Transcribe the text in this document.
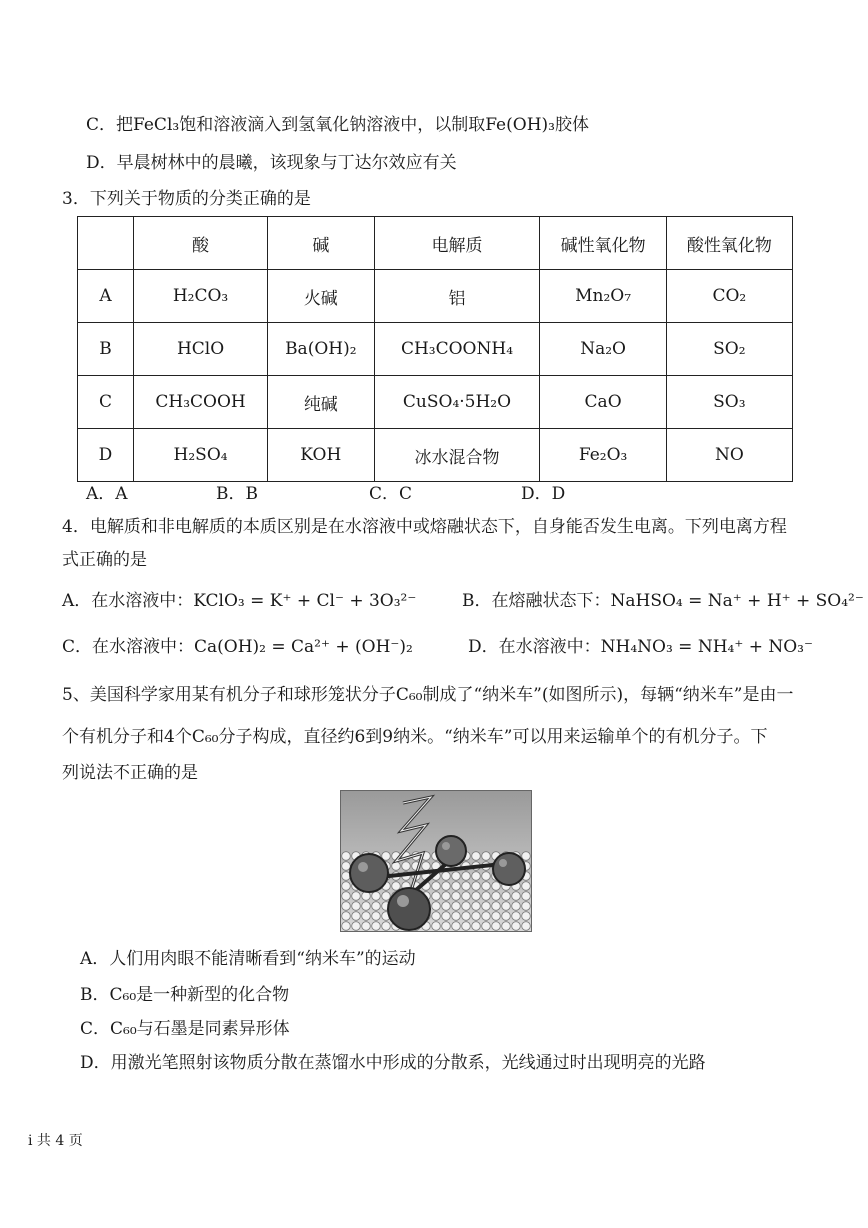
C．把FeCl₃饱和溶液滴入到氢氧化钠溶液中，以制取Fe(OH)₃胶体
D．早晨树林中的晨曦，该现象与丁达尔效应有关
3．下列关于物质的分类正确的是
	酸	碱	电解质	碱性氧化物	酸性氧化物
A	H₂CO₃	火碱	铝	Mn₂O₇	CO₂
B	HClO	Ba(OH)₂	CH₃COONH₄	Na₂O	SO₂
C	CH₃COOH	纯碱	CuSO₄·5H₂O	CaO	SO₃
D	H₂SO₄	KOH	冰水混合物	Fe₂O₃	NO
A．A	B．B	C．C	D．D
4．电解质和非电解质的本质区别是在水溶液中或熔融状态下，自身能否发生电离。下列电离方程
式正确的是
A．在水溶液中：KClO₃ = K⁺ + Cl⁻ + 3O₃²⁻	B．在熔融状态下：NaHSO₄ = Na⁺ + H⁺ + SO₄²⁻
C．在水溶液中：Ca(OH)₂ = Ca²⁺ + (OH⁻)₂	D．在水溶液中：NH₄NO₃ = NH₄⁺ + NO₃⁻
5、美国科学家用某有机分子和球形笼状分子C₆₀制成了“纳米车”(如图所示)，每辆“纳米车”是由一
个有机分子和4个C₆₀分子构成，直径约6到9纳米。“纳米车”可以用来运输单个的有机分子。下
列说法不正确的是
A．人们用肉眼不能清晰看到“纳米车”的运动
B．C₆₀是一种新型的化合物
C．C₆₀与石墨是同素异形体
D．用激光笔照射该物质分散在蒸馏水中形成的分散系，光线通过时出现明亮的光路
i 共 4 页
